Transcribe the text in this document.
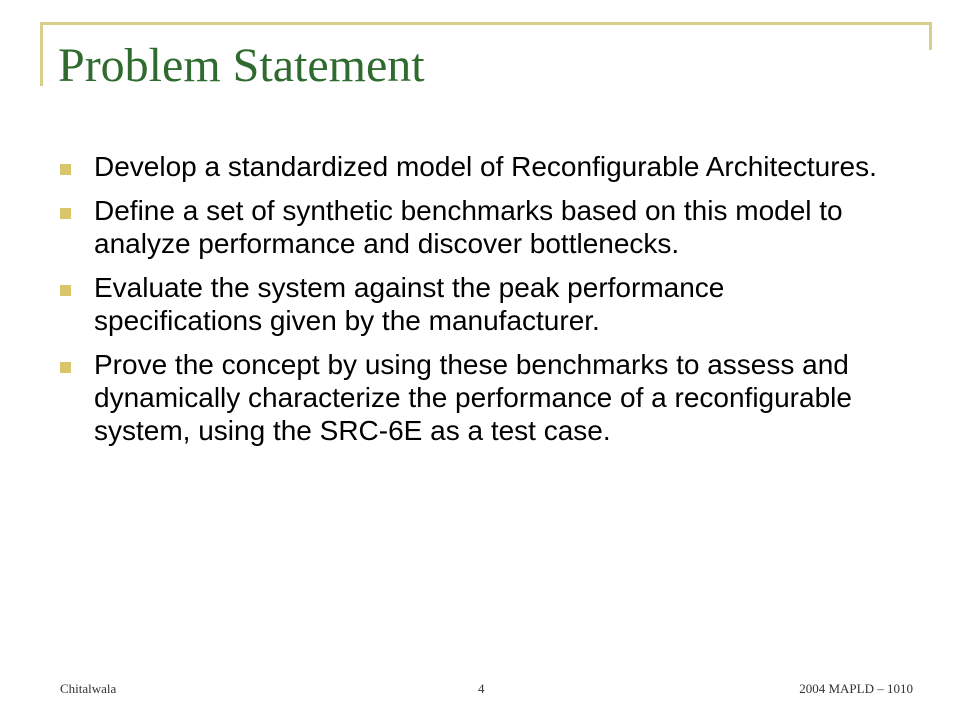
Problem Statement
Develop a standardized model of Reconfigurable Architectures.
Define a set of synthetic benchmarks based on this model to analyze performance and discover bottlenecks.
Evaluate the system against the peak performance specifications given by the manufacturer.
Prove the concept by using these benchmarks to assess and dynamically characterize the performance of a reconfigurable system, using the SRC-6E as a test case.
Chitalwala	4	2004 MAPLD – 1010
